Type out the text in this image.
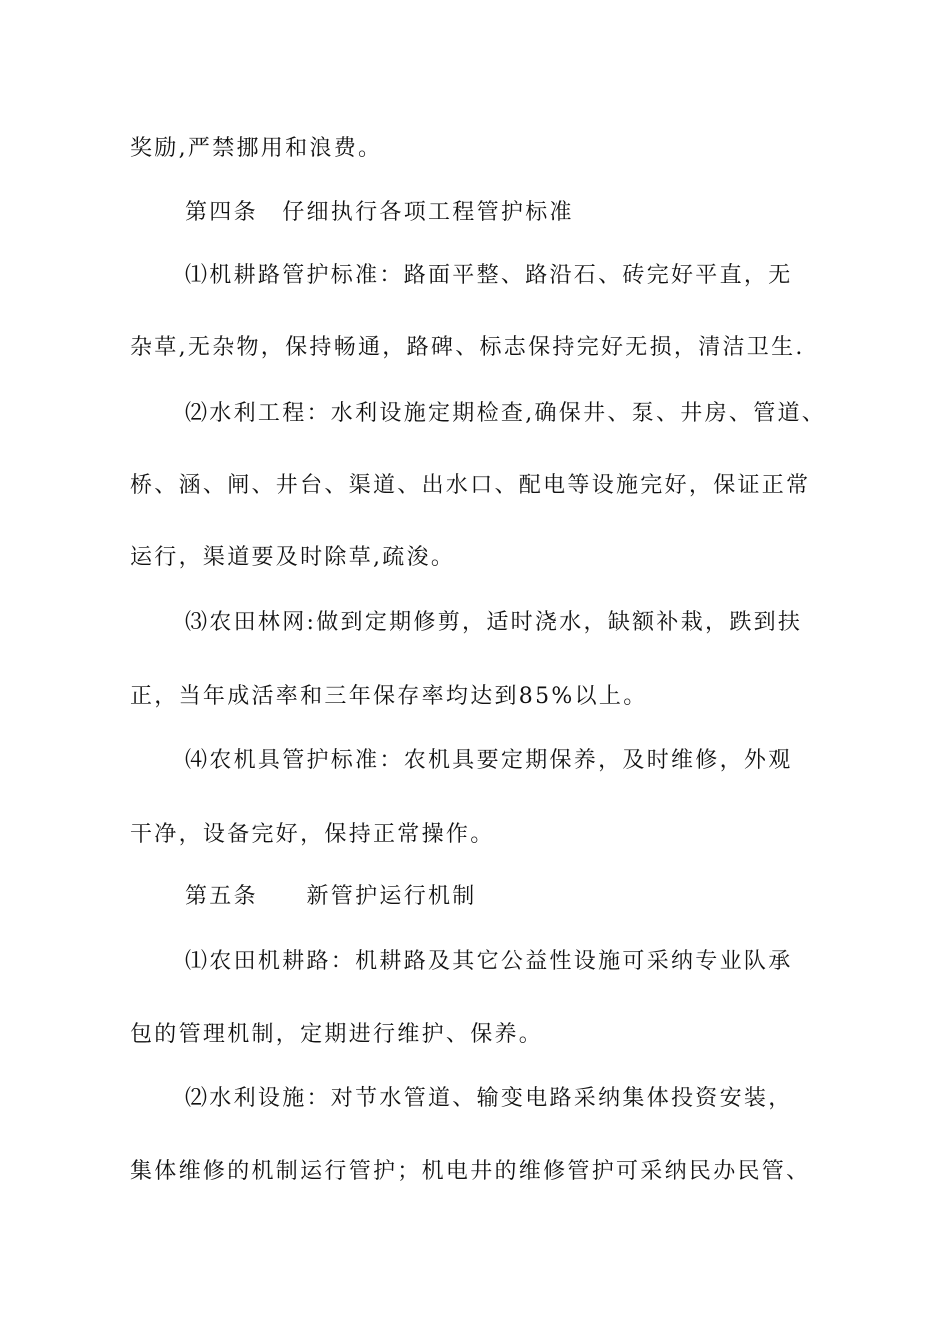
奖励,严禁挪用和浪费。
第四条　仔细执行各项工程管护标准
⑴机耕路管护标准：路面平整、路沿石、砖完好平直，无
杂草,无杂物，保持畅通，路碑、标志保持完好无损，清洁卫生.
⑵水利工程：水利设施定期检查,确保井、泵、井房、管道、
桥、涵、闸、井台、渠道、出水口、配电等设施完好，保证正常
运行，渠道要及时除草,疏浚。
⑶农田林网:做到定期修剪，适时浇水，缺额补栽，跌到扶
正，当年成活率和三年保存率均达到85%以上。
⑷农机具管护标准：农机具要定期保养，及时维修，外观
干净，设备完好，保持正常操作。
第五条　　新管护运行机制
⑴农田机耕路：机耕路及其它公益性设施可采纳专业队承
包的管理机制，定期进行维护、保养。
⑵水利设施：对节水管道、输变电路采纳集体投资安装，
集体维修的机制运行管护；机电井的维修管护可采纳民办民管、
